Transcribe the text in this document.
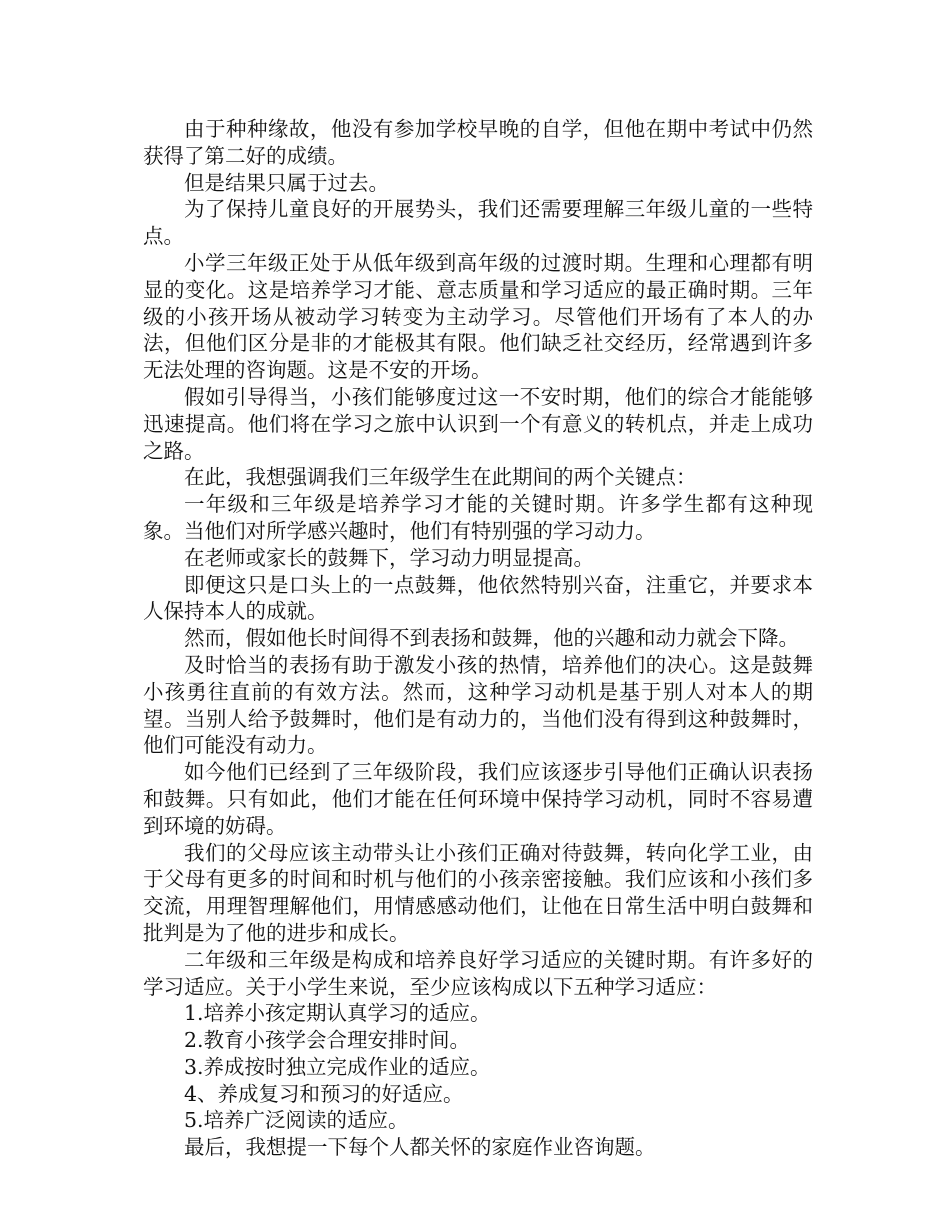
由于种种缘故，他没有参加学校早晚的自学，但他在期中考试中仍然获得了第二好的成绩。

但是结果只属于过去。

为了保持儿童良好的开展势头，我们还需要理解三年级儿童的一些特点。

小学三年级正处于从低年级到高年级的过渡时期。生理和心理都有明显的变化。这是培养学习才能、意志质量和学习适应的最正确时期。三年级的小孩开场从被动学习转变为主动学习。尽管他们开场有了本人的办法，但他们区分是非的才能极其有限。他们缺乏社交经历，经常遇到许多无法处理的咨询题。这是不安的开场。

假如引导得当，小孩们能够度过这一不安时期，他们的综合才能能够迅速提高。他们将在学习之旅中认识到一个有意义的转机点，并走上成功之路。

在此，我想强调我们三年级学生在此期间的两个关键点：

一年级和三年级是培养学习才能的关键时期。许多学生都有这种现象。当他们对所学感兴趣时，他们有特别强的学习动力。

在老师或家长的鼓舞下，学习动力明显提高。

即便这只是口头上的一点鼓舞，他依然特别兴奋，注重它，并要求本人保持本人的成就。

然而，假如他长时间得不到表扬和鼓舞，他的兴趣和动力就会下降。

及时恰当的表扬有助于激发小孩的热情，培养他们的决心。这是鼓舞小孩勇往直前的有效方法。然而，这种学习动机是基于别人对本人的期望。当别人给予鼓舞时，他们是有动力的，当他们没有得到这种鼓舞时，他们可能没有动力。

如今他们已经到了三年级阶段，我们应该逐步引导他们正确认识表扬和鼓舞。只有如此，他们才能在任何环境中保持学习动机，同时不容易遭到环境的妨碍。

我们的父母应该主动带头让小孩们正确对待鼓舞，转向化学工业，由于父母有更多的时间和时机与他们的小孩亲密接触。我们应该和小孩们多交流，用理智理解他们，用情感感动他们，让他在日常生活中明白鼓舞和批判是为了他的进步和成长。

二年级和三年级是构成和培养良好学习适应的关键时期。有许多好的学习适应。关于小学生来说，至少应该构成以下五种学习适应：

1.培养小孩定期认真学习的适应。

2.教育小孩学会合理安排时间。

3.养成按时独立完成作业的适应。

4、养成复习和预习的好适应。

5.培养广泛阅读的适应。

最后，我想提一下每个人都关怀的家庭作业咨询题。
